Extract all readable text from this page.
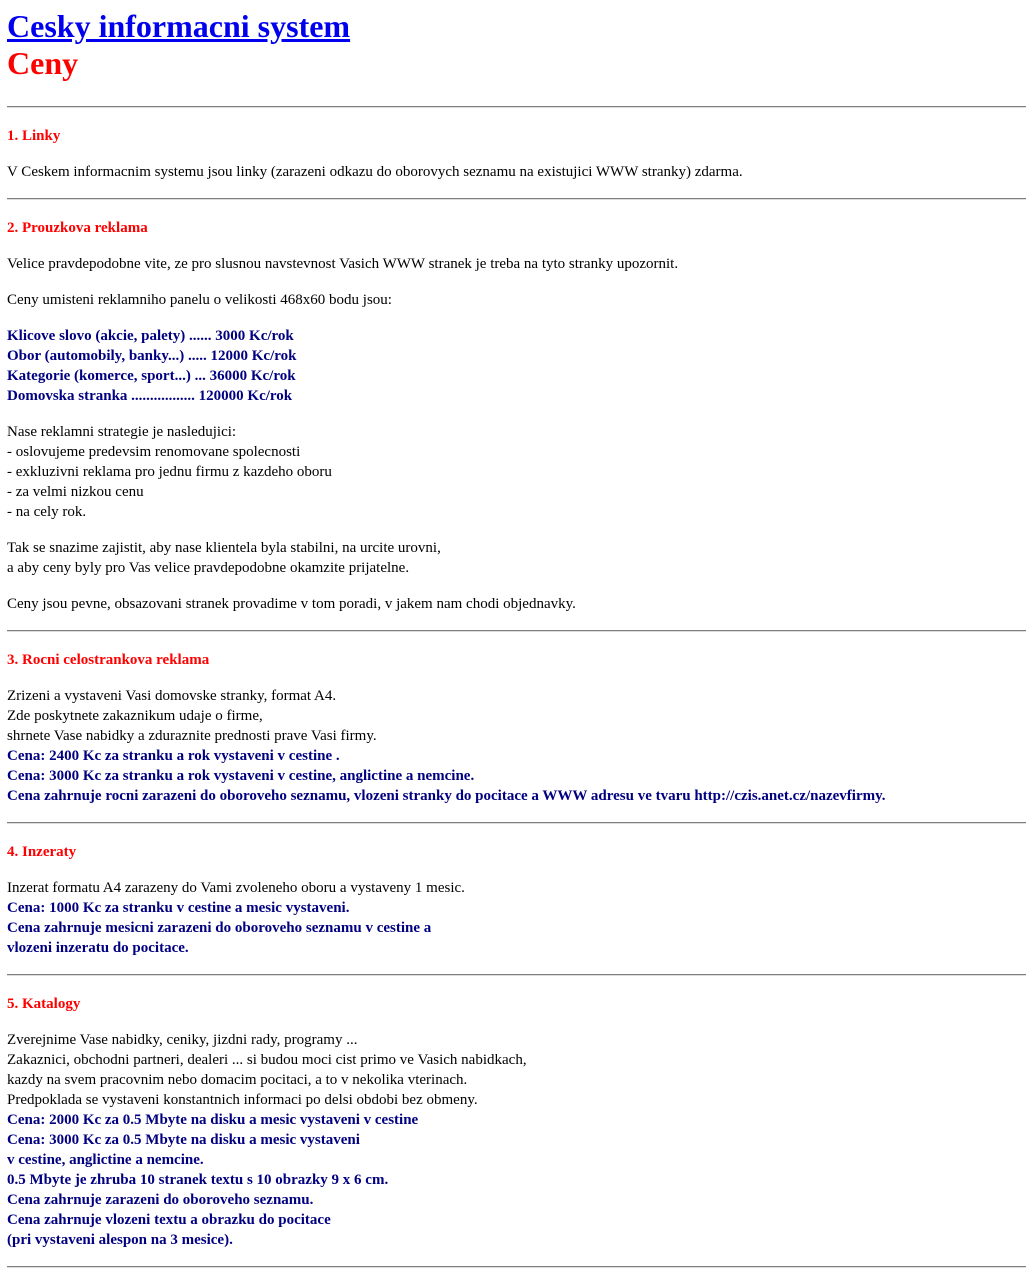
Cesky informacni system
Ceny
1. Linky
V Ceskem informacnim systemu jsou linky (zarazeni odkazu do oborovych seznamu na existujici WWW stranky) zdarma.
2. Prouzkova reklama
Velice pravdepodobne vite, ze pro slusnou navstevnost Vasich WWW stranek je treba na tyto stranky upozornit.
Ceny umisteni reklamniho panelu o velikosti 468x60 bodu jsou:
Klicove slovo (akcie, palety) ...... 3000 Kc/rok
Obor (automobily, banky...) ..... 12000 Kc/rok
Kategorie (komerce, sport...) ... 36000 Kc/rok
Domovska stranka ................. 120000 Kc/rok
Nase reklamni strategie je nasledujici:
- oslovujeme predevsim renomovane spolecnosti
- exkluzivni reklama pro jednu firmu z kazdeho oboru
- za velmi nizkou cenu
- na cely rok.
Tak se snazime zajistit, aby nase klientela byla stabilni, na urcite urovni,
a aby ceny byly pro Vas velice pravdepodobne okamzite prijatelne.
Ceny jsou pevne, obsazovani stranek provadime v tom poradi, v jakem nam chodi objednavky.
3. Rocni celostrankova reklama
Zrizeni a vystaveni Vasi domovske stranky, format A4.
Zde poskytnete zakaznikum udaje o firme,
shrnete Vase nabidky a zduraznite prednosti prave Vasi firmy.
Cena: 2400 Kc za stranku a rok vystaveni v cestine .
Cena: 3000 Kc za stranku a rok vystaveni v cestine, anglictine a nemcine.
Cena zahrnuje rocni zarazeni do oboroveho seznamu, vlozeni stranky do pocitace a WWW adresu ve tvaru http://czis.anet.cz/nazevfirmy.
4. Inzeraty
Inzerat formatu A4 zarazeny do Vami zvoleneho oboru a vystaveny 1 mesic.
Cena: 1000 Kc za stranku v cestine a mesic vystaveni.
Cena zahrnuje mesicni zarazeni do oboroveho seznamu v cestine a
vlozeni inzeratu do pocitace.
5. Katalogy
Zverejnime Vase nabidky, ceniky, jizdni rady, programy ...
Zakaznici, obchodni partneri, dealeri ... si budou moci cist primo ve Vasich nabidkach,
kazdy na svem pracovnim nebo domacim pocitaci, a to v nekolika vterinach.
Predpoklada se vystaveni konstantnich informaci po delsi obdobi bez obmeny.
Cena: 2000 Kc za 0.5 Mbyte na disku a mesic vystaveni v cestine
Cena: 3000 Kc za 0.5 Mbyte na disku a mesic vystaveni
v cestine, anglictine a nemcine.
0.5 Mbyte je zhruba 10 stranek textu s 10 obrazky 9 x 6 cm.
Cena zahrnuje zarazeni do oboroveho seznamu.
Cena zahrnuje vlozeni textu a obrazku do pocitace
(pri vystaveni alespon na 3 mesice).
